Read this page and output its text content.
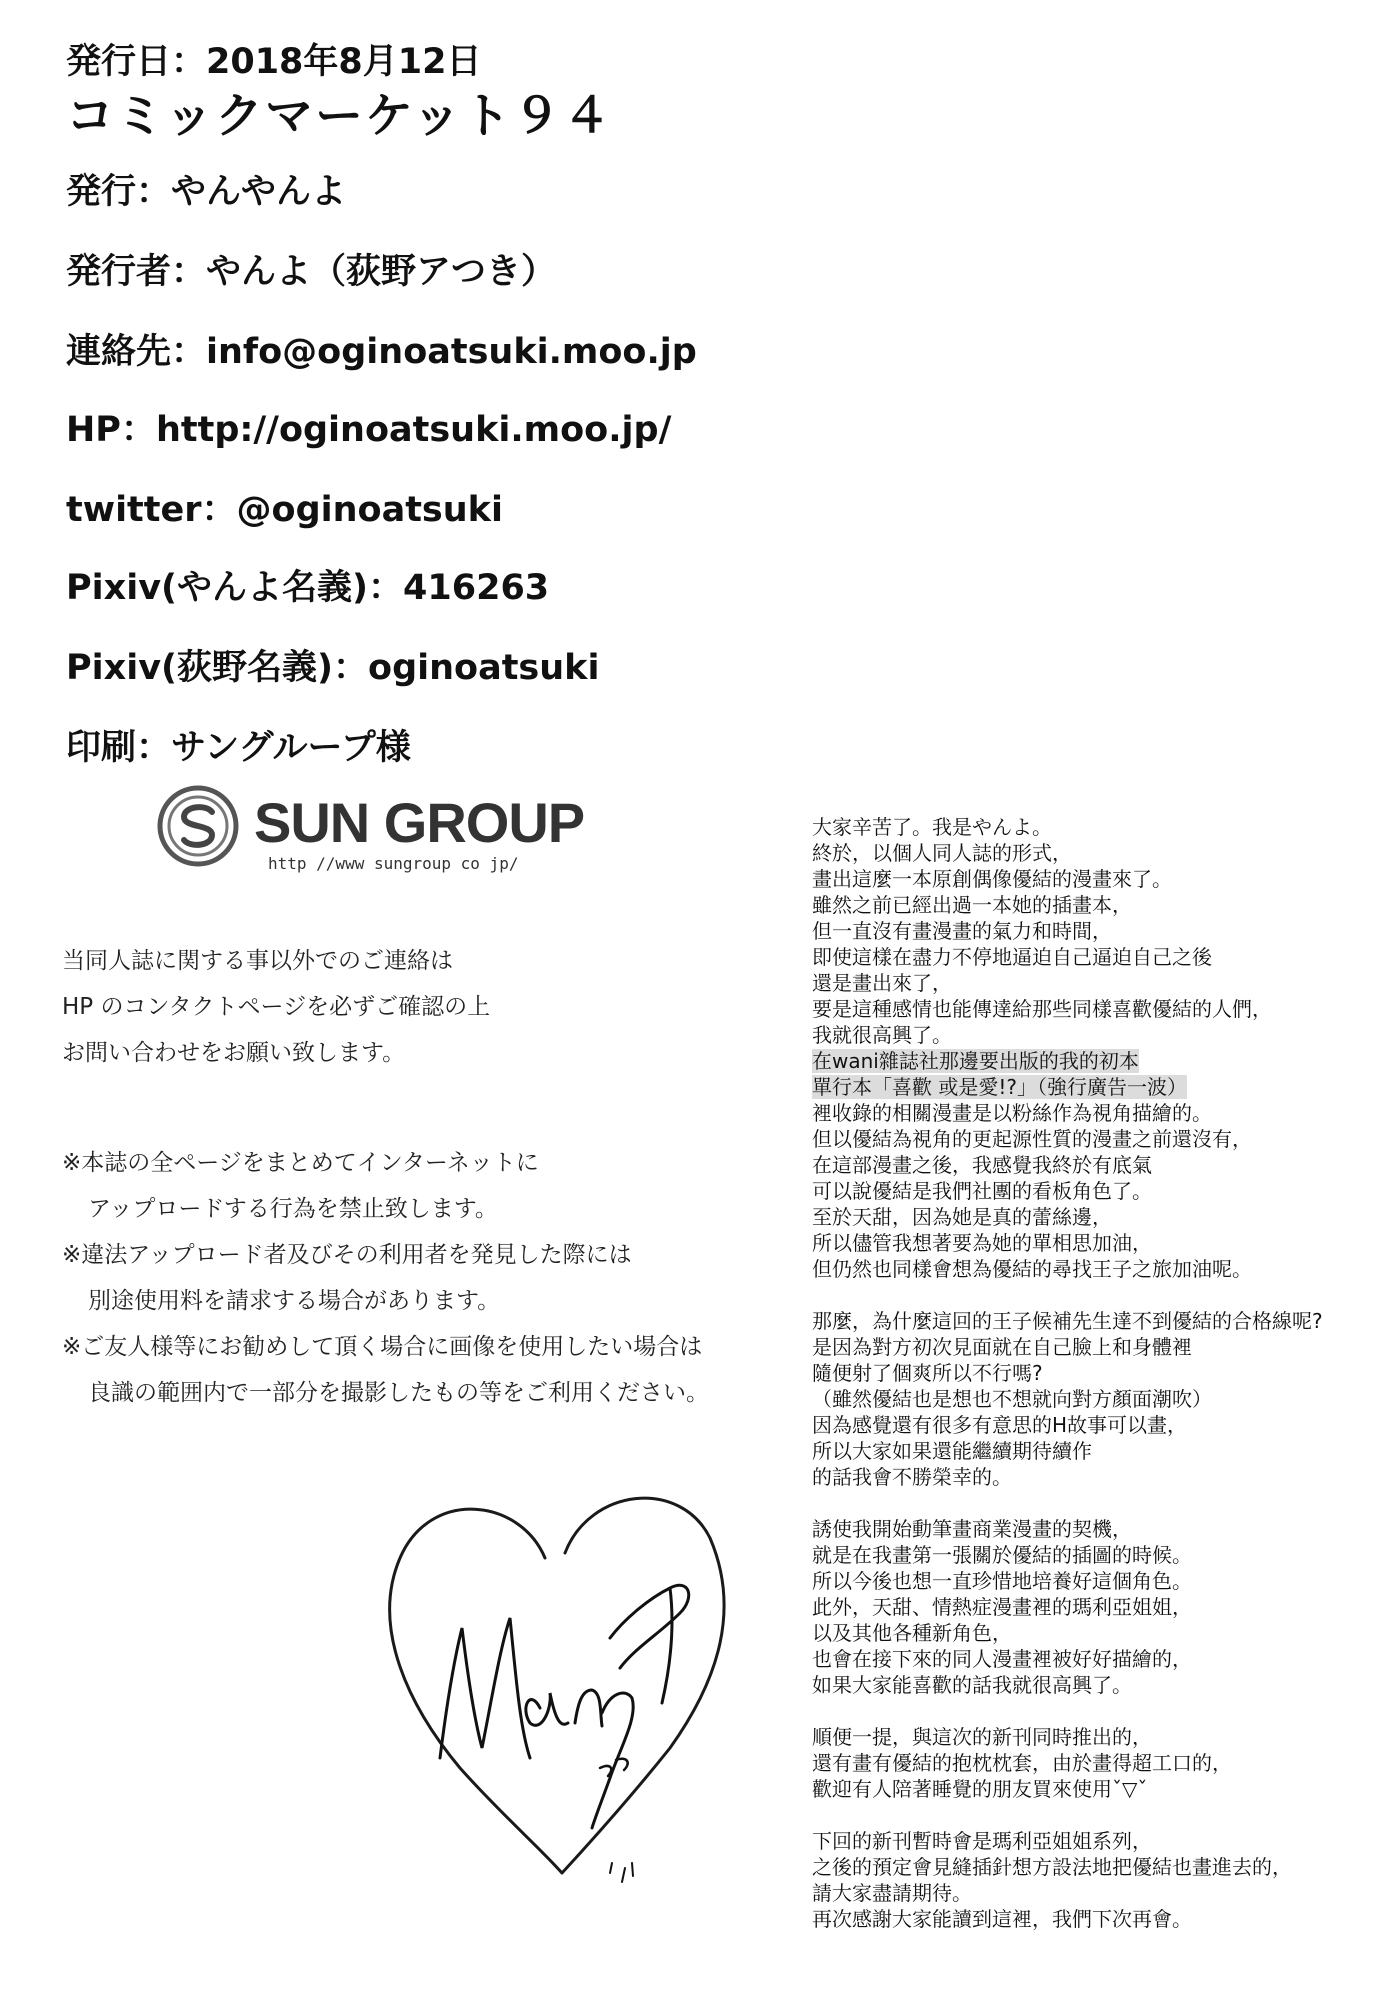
発行日：2018年8月12日
コミックマーケット９４
発行：やんやんよ
発行者：やんよ（荻野アつき）
連絡先：info@oginoatsuki.moo.jp
HP：http://oginoatsuki.moo.jp/
twitter：@oginoatsuki
Pixiv(やんよ名義)：416263
Pixiv(荻野名義)：oginoatsuki
印刷：サングループ様
SUN GROUP
http //www sungroup co jp/
当同人誌に関する事以外でのご連絡は
HP のコンタクトページを必ずご確認の上
お問い合わせをお願い致します。
※本誌の全ページをまとめてインターネットに
アップロードする行為を禁止致します。
※違法アップロード者及びその利用者を発見した際には
別途使用料を請求する場合があります。
※ご友人様等にお勧めして頂く場合に画像を使用したい場合は
良識の範囲内で一部分を撮影したもの等をご利用ください。
大家辛苦了。我是やんよ。
終於，以個人同人誌的形式，
畫出這麼一本原創偶像優結的漫畫來了。
雖然之前已經出過一本她的插畫本，
但一直沒有畫漫畫的氣力和時間，
即使這樣在盡力不停地逼迫自己逼迫自己之後
還是畫出來了，
要是這種感情也能傳達給那些同樣喜歡優結的人們，
我就很高興了。
在wani雜誌社那邊要出版的我的初本
單行本「喜歡 或是愛!?」（強行廣告一波）
裡收錄的相關漫畫是以粉絲作為視角描繪的。
但以優結為視角的更起源性質的漫畫之前還沒有，
在這部漫畫之後，我感覺我終於有底氣
可以說優結是我們社團的看板角色了。
至於天甜，因為她是真的蕾絲邊，
所以儘管我想著要為她的單相思加油，
但仍然也同樣會想為優結的尋找王子之旅加油呢。
那麼，為什麼這回的王子候補先生達不到優結的合格線呢?
是因為對方初次見面就在自己臉上和身體裡
隨便射了個爽所以不行嗎?
（雖然優結也是想也不想就向對方顏面潮吹）
因為感覺還有很多有意思的H故事可以畫，
所以大家如果還能繼續期待續作
的話我會不勝榮幸的。
誘使我開始動筆畫商業漫畫的契機，
就是在我畫第一張關於優結的插圖的時候。
所以今後也想一直珍惜地培養好這個角色。
此外，天甜、情熱症漫畫裡的瑪利亞姐姐，
以及其他各種新角色，
也會在接下來的同人漫畫裡被好好描繪的，
如果大家能喜歡的話我就很高興了。
順便一提，與這次的新刊同時推出的，
還有畫有優結的抱枕枕套，由於畫得超工口的，
歡迎有人陪著睡覺的朋友買來使用ˇ▽ˇ
下回的新刊暫時會是瑪利亞姐姐系列，
之後的預定會見縫插針想方設法地把優結也畫進去的，
請大家盡請期待。
再次感謝大家能讀到這裡，我們下次再會。
